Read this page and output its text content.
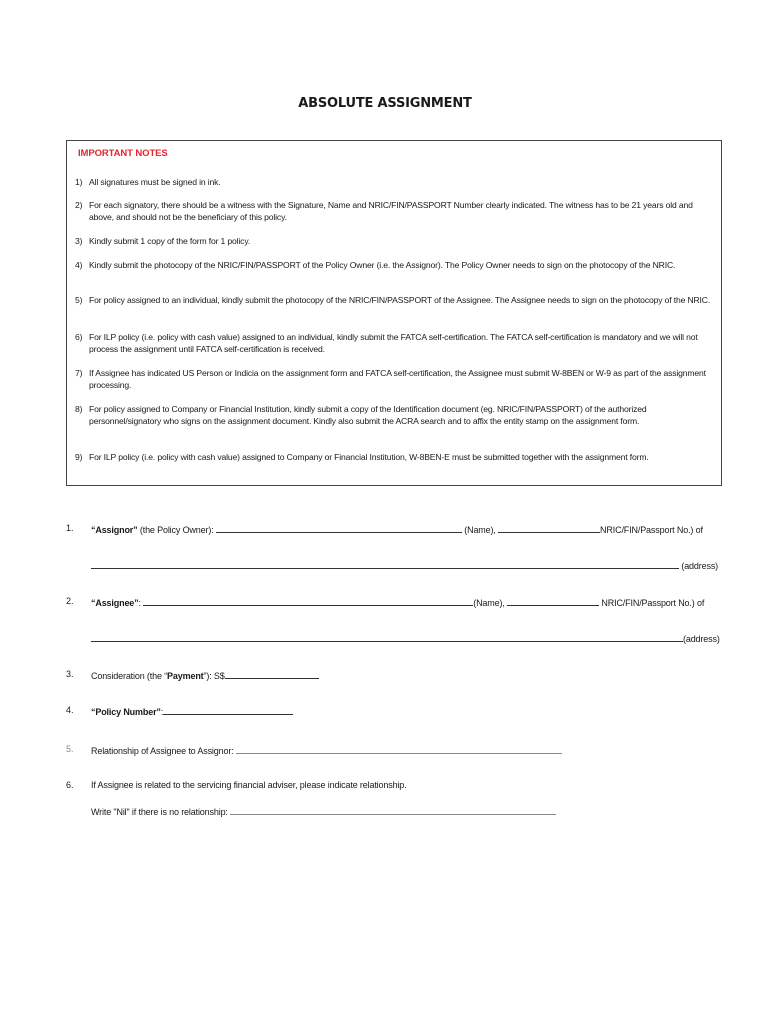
ABSOLUTE ASSIGNMENT
IMPORTANT NOTES
1) All signatures must be signed in ink.
2) For each signatory, there should be a witness with the Signature, Name and NRIC/FIN/PASSPORT Number clearly indicated. The witness has to be 21 years old and above, and should not be the beneficiary of this policy.
3) Kindly submit 1 copy of the form for 1 policy.
4) Kindly submit the photocopy of the NRIC/FIN/PASSPORT of the Policy Owner (i.e. the Assignor). The Policy Owner needs to sign on the photocopy of the NRIC.
5) For policy assigned to an individual, kindly submit the photocopy of the NRIC/FIN/PASSPORT of the Assignee. The Assignee needs to sign on the photocopy of the NRIC.
6) For ILP policy (i.e. policy with cash value) assigned to an individual, kindly submit the FATCA self-certification. The FATCA self-certification is mandatory and we will not process the assignment until FATCA self-certification is received.
7) If Assignee has indicated US Person or Indicia on the assignment form and FATCA self-certification, the Assignee must submit W-8BEN or W-9 as part of the assignment processing.
8) For policy assigned to Company or Financial Institution, kindly submit a copy of the Identification document (eg. NRIC/FIN/PASSPORT) of the authorized personnel/signatory who signs on the assignment document. Kindly also submit the ACRA search and to affix the entity stamp on the assignment form.
9) For ILP policy (i.e. policy with cash value) assigned to Company or Financial Institution, W-8BEN-E must be submitted together with the assignment form.
1. “Assignor” (the Policy Owner):	(Name),	NRIC/FIN/Passport No.) of
(address)
2. “Assignee”:	(Name),	NRIC/FIN/Passport No.) of
(address)
3. Consideration (the “Payment”): S$
4. “Policy Number”:
5. Relationship of Assignee to Assignor:
6. If Assignee is related to the servicing financial adviser, please indicate relationship.
Write "Nil" if there is no relationship:
